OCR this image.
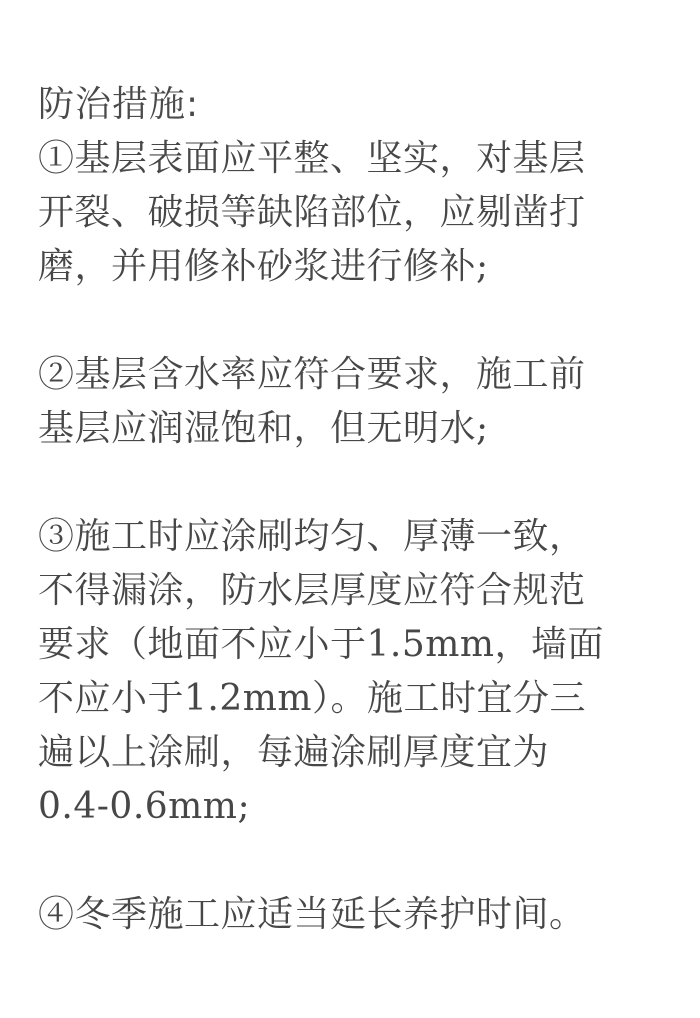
防治措施:
①基层表面应平整、坚实，对基层
开裂、破损等缺陷部位，应剔凿打
磨，并用修补砂浆进行修补;
②基层含水率应符合要求，施工前
基层应润湿饱和，但无明水;
③施工时应涂刷均匀、厚薄一致，
不得漏涂，防水层厚度应符合规范
要求（地面不应小于1.5mm，墙面
不应小于1.2mm）。施工时宜分三
遍以上涂刷，每遍涂刷厚度宜为
0.4-0.6mm;
④冬季施工应适当延长养护时间。
